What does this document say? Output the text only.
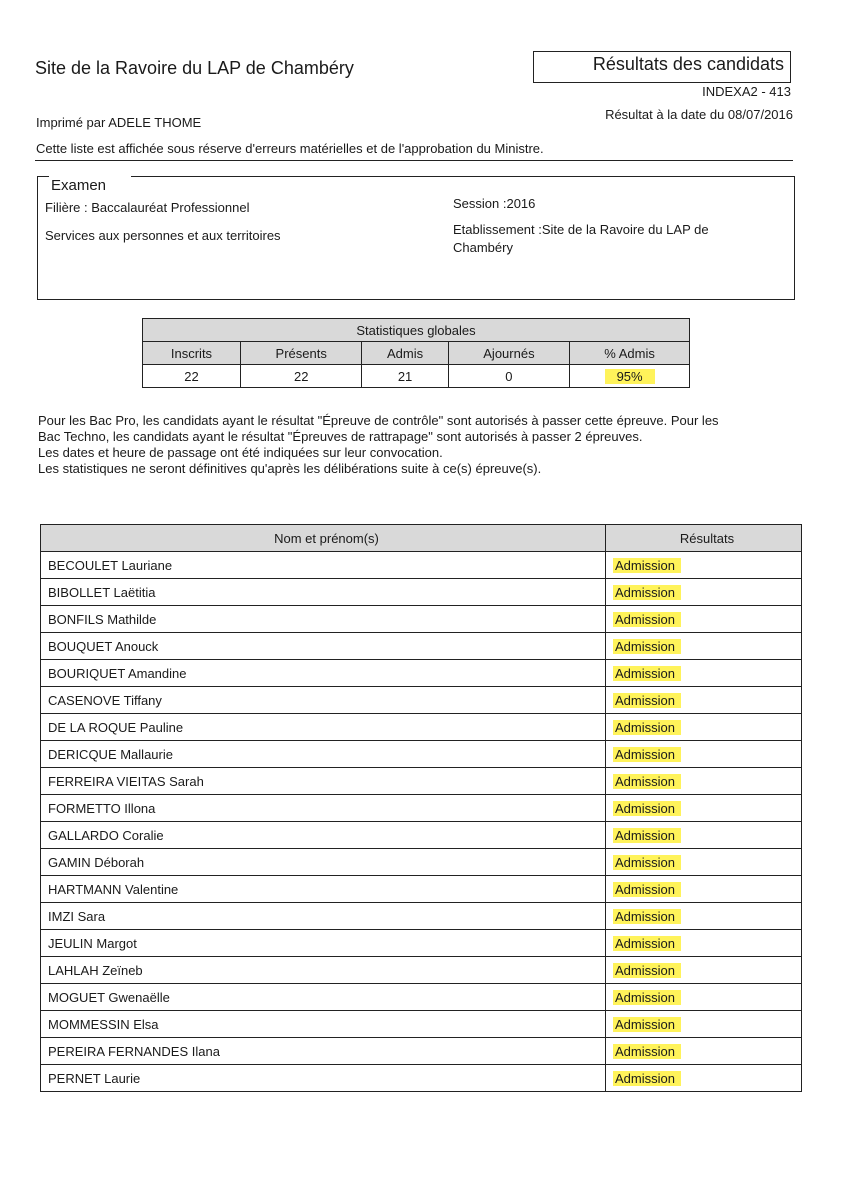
Site de la Ravoire du LAP de Chambéry	Résultats des candidats
INDEXA2 - 413
Imprimé par ADELE THOME
Résultat à la date du 08/07/2016
Cette liste est affichée sous réserve d'erreurs matérielles et de l'approbation du Ministre.
Examen
Filière : Baccalauréat Professionnel
Services aux personnes et aux territoires
Session :2016
Etablissement :Site de la Ravoire du LAP de Chambéry
Statistiques globales				
Inscrits	Présents	Admis	Ajournés	% Admis
22	22	21	0	95%

Pour les Bac Pro, les candidats ayant le résultat "Épreuve de contrôle" sont autorisés à passer cette épreuve. Pour les Bac Techno, les candidats ayant le résultat "Épreuves de rattrapage" sont autorisés à passer 2 épreuves.

Les dates et heure de passage ont été indiquées sur leur convocation.

Les statistiques ne seront définitives qu'après les délibérations suite à ce(s) épreuve(s).

Nom et prénom(s)	Résultats
BECOULET Lauriane	Admission
BIBOLLET Laëtitia	Admission
BONFILS Mathilde	Admission
BOUQUET Anouck	Admission
BOURIQUET Amandine	Admission
CASENOVE Tiffany	Admission
DE LA ROQUE Pauline	Admission
DERICQUE Mallaurie	Admission
FERREIRA VIEITAS Sarah	Admission
FORMETTO Illona	Admission
GALLARDO Coralie	Admission
GAMIN Déborah	Admission
HARTMANN Valentine	Admission
IMZI Sara	Admission
JEULIN Margot	Admission
LAHLAH Zeïneb	Admission
MOGUET Gwenaëlle	Admission
MOMMESSIN Elsa	Admission
PEREIRA FERNANDES Ilana	Admission
PERNET Laurie	Admission
